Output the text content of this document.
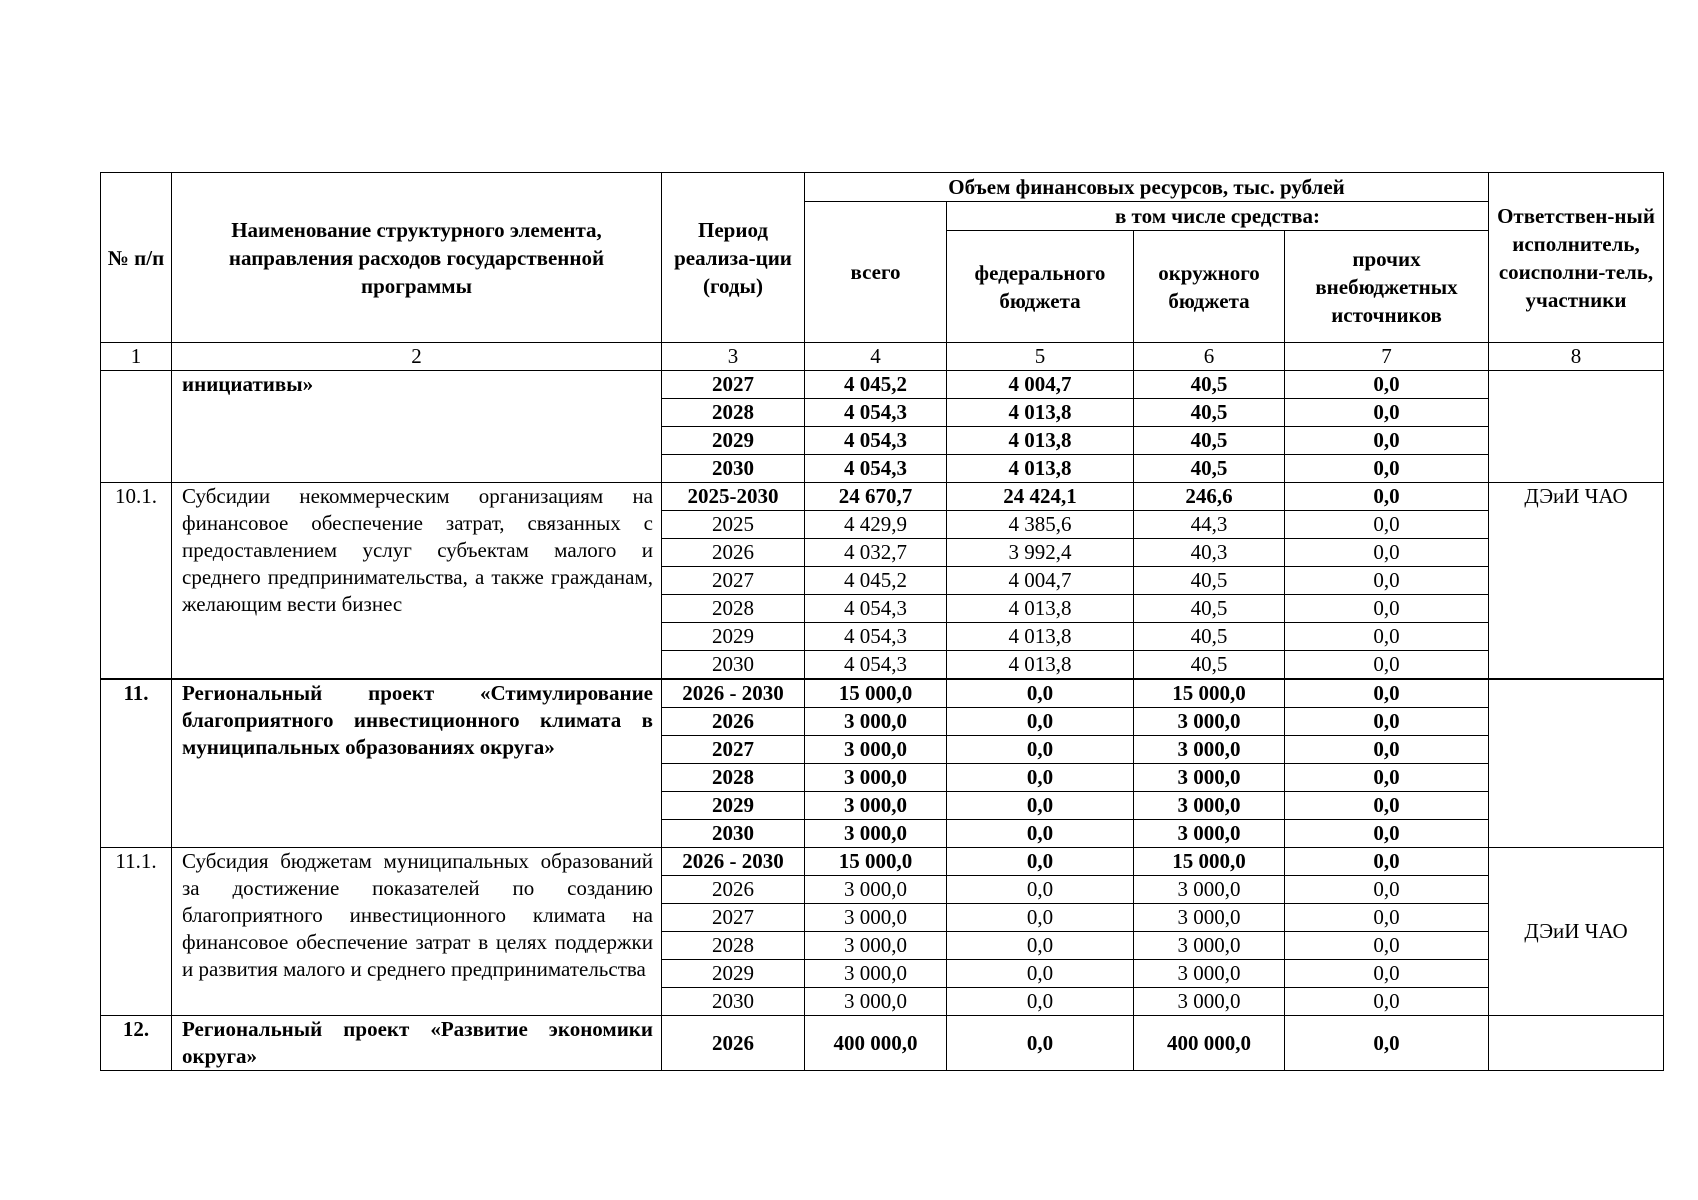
№ п/п	Наименование структурного элемента, направления расходов государственной программы	Период реализа-ции (годы)	Объем финансовых ресурсов, тыс. рублей				Ответствен-ный исполнитель, соисполни-тель, участники
			всего	в том числе средства:			
				федерального бюджета	окружного бюджета	прочих внебюджетных источников	
1	2	3	4	5	6	7	8
	инициативы»	2027	4 045,2	4 004,7	40,5	0,0	
		2028	4 054,3	4 013,8	40,5	0,0	
		2029	4 054,3	4 013,8	40,5	0,0	
		2030	4 054,3	4 013,8	40,5	0,0	
10.1.	Субсидии некоммерческим организациям на финансовое обеспечение затрат, связанных с предоставлением услуг субъектам малого и среднего предпринимательства, а также гражданам, желающим вести бизнес	2025-2030	24 670,7	24 424,1	246,6	0,0	ДЭиИ ЧАО
		2025	4 429,9	4 385,6	44,3	0,0	
		2026	4 032,7	3 992,4	40,3	0,0	
		2027	4 045,2	4 004,7	40,5	0,0	
		2028	4 054,3	4 013,8	40,5	0,0	
		2029	4 054,3	4 013,8	40,5	0,0	
		2030	4 054,3	4 013,8	40,5	0,0	
11.	Региональный проект «Стимулирование благоприятного инвестиционного климата в муниципальных образованиях округа»	2026 - 2030	15 000,0	0,0	15 000,0	0,0	
		2026	3 000,0	0,0	3 000,0	0,0	
		2027	3 000,0	0,0	3 000,0	0,0	
		2028	3 000,0	0,0	3 000,0	0,0	
		2029	3 000,0	0,0	3 000,0	0,0	
		2030	3 000,0	0,0	3 000,0	0,0	
11.1.	Субсидия бюджетам муниципальных образований за достижение показателей по созданию благоприятного инвестиционного климата на финансовое обеспечение затрат в целях поддержки и развития малого и среднего предпринимательства	2026 - 2030	15 000,0	0,0	15 000,0	0,0	ДЭиИ ЧАО
		2026	3 000,0	0,0	3 000,0	0,0	
		2027	3 000,0	0,0	3 000,0	0,0	
		2028	3 000,0	0,0	3 000,0	0,0	
		2029	3 000,0	0,0	3 000,0	0,0	
		2030	3 000,0	0,0	3 000,0	0,0	
12.	Региональный проект «Развитие экономики округа»	2026	400 000,0	0,0	400 000,0	0,0	
